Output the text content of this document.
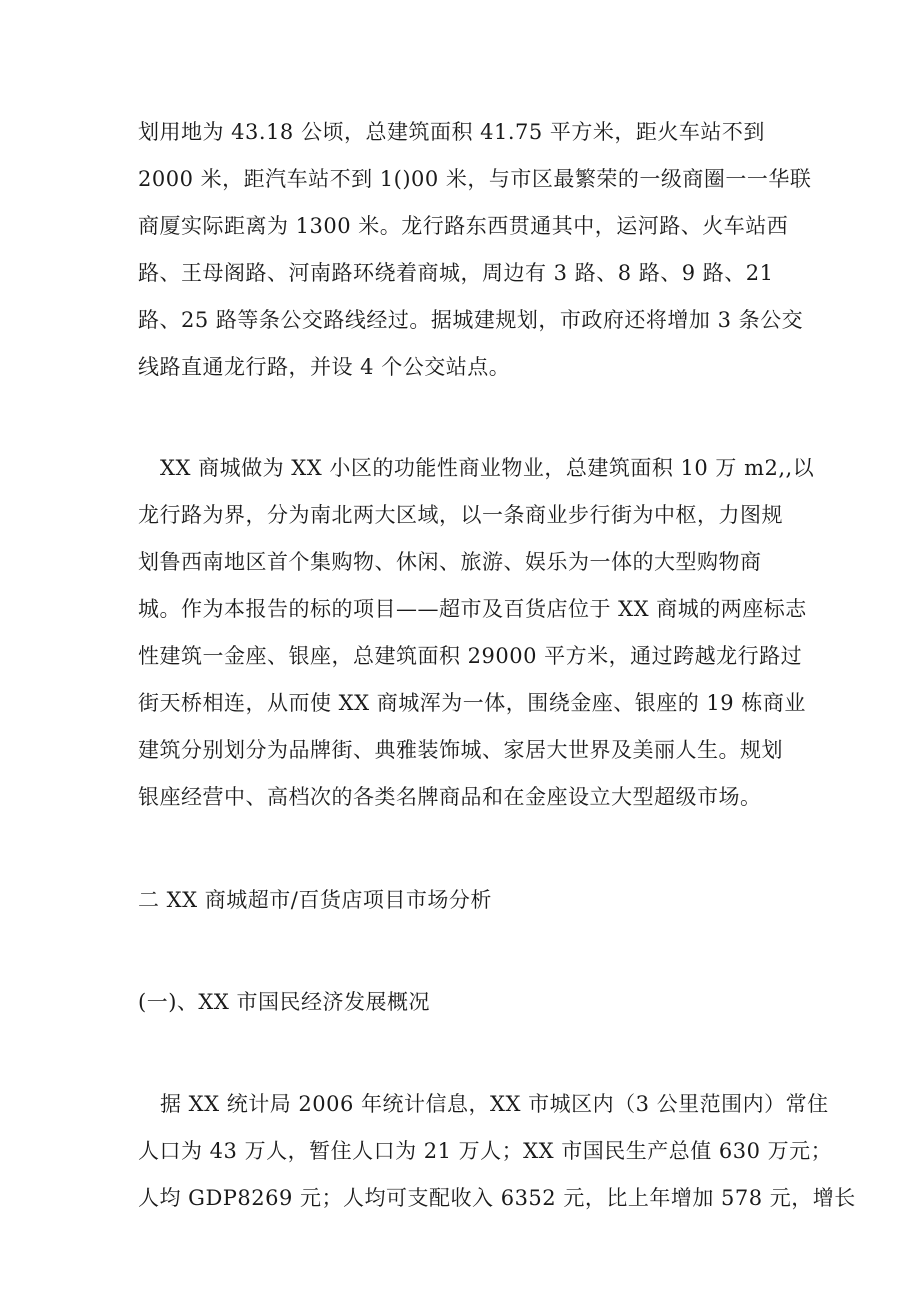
划用地为 43.18 公顷，总建筑面积 41.75 平方米，距火车站不到
2000 米，距汽车站不到 1()00 米，与市区最繁荣的一级商圈一一华联
商厦实际距离为 1300 米。龙行路东西贯通其中，运河路、火车站西
路、王母阁路、河南路环绕着商城，周边有 3 路、8 路、9 路、21
路、25 路等条公交路线经过。据城建规划，市政府还将增加 3 条公交
线路直通龙行路，并设 4 个公交站点。
XX 商城做为 XX 小区的功能性商业物业，总建筑面积 10 万 m2,,以
龙行路为界，分为南北两大区域，以一条商业步行街为中枢，力图规
划鲁西南地区首个集购物、休闲、旅游、娱乐为一体的大型购物商
城。作为本报告的标的项目——超市及百货店位于 XX 商城的两座标志
性建筑一金座、银座，总建筑面积 29000 平方米，通过跨越龙行路过
街天桥相连，从而使 XX 商城浑为一体，围绕金座、银座的 19 栋商业
建筑分别划分为品牌街、典雅装饰城、家居大世界及美丽人生。规划
银座经营中、高档次的各类名牌商品和在金座设立大型超级市场。
二 XX 商城超市/百货店项目市场分析
(一)、XX 市国民经济发展概况
据 XX 统计局 2006 年统计信息，XX 市城区内（3 公里范围内）常住
人口为 43 万人，暂住人口为 21 万人；XX 市国民生产总值 630 万元；
人均 GDP8269 元；人均可支配收入 6352 元，比上年增加 578 元，增长
